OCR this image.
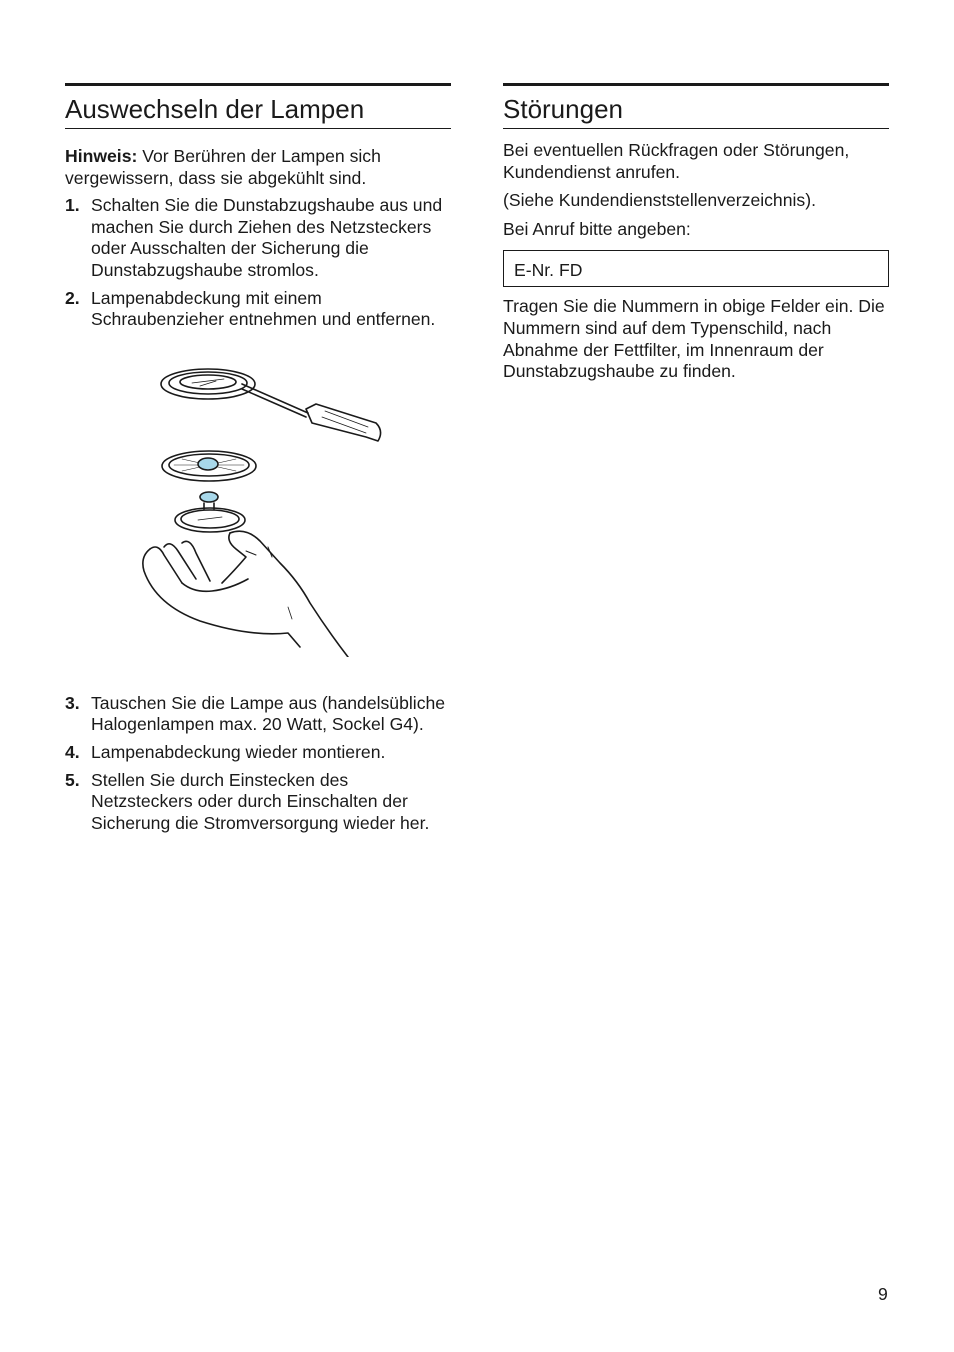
Auswechseln der Lampen

Hinweis: Vor Berühren der Lampen sich vergewissern, dass sie abgekühlt sind.

1. Schalten Sie die Dunstabzugshaube aus und machen Sie durch Ziehen des Netzsteckers oder Ausschalten der Sicherung die Dunstabzugshaube stromlos.
2. Lampenabdeckung mit einem Schraubenzieher entnehmen und entfernen.
3. Tauschen Sie die Lampe aus (handelsübliche Halogenlampen max. 20 Watt, Sockel G4).
4. Lampenabdeckung wieder montieren.
5. Stellen Sie durch Einstecken des Netzsteckers oder durch Einschalten der Sicherung die Stromversorgung wieder her.
Störungen

Bei eventuellen Rückfragen oder Störungen, Kundendienst anrufen.

(Siehe Kundendienststellenverzeichnis).

Bei Anruf bitte angeben:

E-Nr. FD

Tragen Sie die Nummern in obige Felder ein. Die Nummern sind auf dem Typenschild, nach Abnahme der Fettfilter, im Innenraum der Dunstabzugshaube zu finden.

9
